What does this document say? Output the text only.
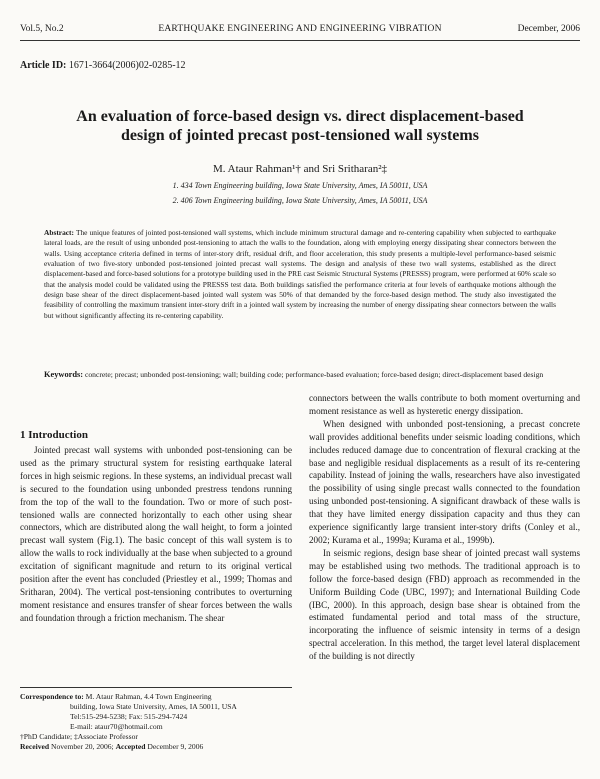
Vol.5, No.2	EARTHQUAKE ENGINEERING AND ENGINEERING VIBRATION	December, 2006
Article ID: 1671-3664(2006)02-0285-12
An evaluation of force-based design vs. direct displacement-based
design of jointed precast post-tensioned wall systems
M. Ataur Rahman¹† and Sri Sritharan²‡
1. 434 Town Engineering building, Iowa State University, Ames, IA 50011, USA
2. 406 Town Engineering building, Iowa State University, Ames, IA 50011, USA
Abstract: The unique features of jointed post-tensioned wall systems, which include minimum structural damage and re-centering capability when subjected to earthquake lateral loads, are the result of using unbonded post-tensioning to attach the walls to the foundation, along with employing energy dissipating shear connectors between the walls. Using acceptance criteria defined in terms of inter-story drift, residual drift, and floor acceleration, this study presents a multiple-level performance-based seismic evaluation of two five-story unbonded post-tensioned jointed precast wall systems. The design and analysis of these two wall systems, established as the direct displacement-based and force-based solutions for a prototype building used in the PRE cast Seismic Structural Systems (PRESSS) program, were performed at 60% scale so that the analysis model could be validated using the PRESSS test data. Both buildings satisfied the performance criteria at four levels of earthquake motions although the design base shear of the direct displacement-based jointed wall system was 50% of that demanded by the force-based design method. The study also investigated the feasibility of controlling the maximum transient inter-story drift in a jointed wall system by increasing the number of energy dissipating shear connectors between the walls but without significantly affecting its re-centering capability.
Keywords: concrete; precast; unbonded post-tensioning; wall; building code; performance-based evaluation; force-based design; direct-displacement based design
1 Introduction

Jointed precast wall systems with unbonded post-tensioning can be used as the primary structural system for resisting earthquake lateral forces in high seismic regions. In these systems, an individual precast wall is secured to the foundation using unbonded prestress tendons running from the top of the wall to the foundation. Two or more of such post-tensioned walls are connected horizontally to each other using shear connectors, which are distributed along the wall height, to form a jointed precast wall system (Fig.1). The basic concept of this wall system is to allow the walls to rock individually at the base when subjected to a ground excitation of significant magnitude and return to its original vertical position after the event has concluded (Priestley et al., 1999; Thomas and Sritharan, 2004). The vertical post-tensioning contributes to overturning moment resistance and ensures transfer of shear forces between the walls and foundation through a friction mechanism. The shear

connectors between the walls contribute to both moment overturning and moment resistance as well as hysteretic energy dissipation.

When designed with unbonded post-tensioning, a precast concrete wall provides additional benefits under seismic loading conditions, which includes reduced damage due to concentration of flexural cracking at the base and negligible residual displacements as a result of its re-centering capability. Instead of joining the walls, researchers have also investigated the possibility of using single precast walls connected to the foundation using unbonded post-tensioning. A significant drawback of these walls is that they have limited energy dissipation capacity and thus they can experience significantly large transient inter-story drifts (Conley et al., 2002; Kurama et al., 1999a; Kurama et al., 1999b).

In seismic regions, design base shear of jointed precast wall systems may be established using two methods. The traditional approach is to follow the force-based design (FBD) approach as recommended in the Uniform Building Code (UBC, 1997); and International Building Code (IBC, 2000). In this approach, design base shear is obtained from the estimated fundamental period and total mass of the structure, incorporating the influence of seismic intensity in terms of a design spectral acceleration. In this method, the target level lateral displacement of the building is not directly

Correspondence to: M. Ataur Rahman, 4.4 Town Engineering
building, Iowa State University, Ames, IA 50011, USA
Tel:515-294-5238; Fax: 515-294-7424
E-mail: ataur70@hotmail.com
†PhD Candidate; ‡Associate Professor
Received November 20, 2006; Accepted December 9, 2006
